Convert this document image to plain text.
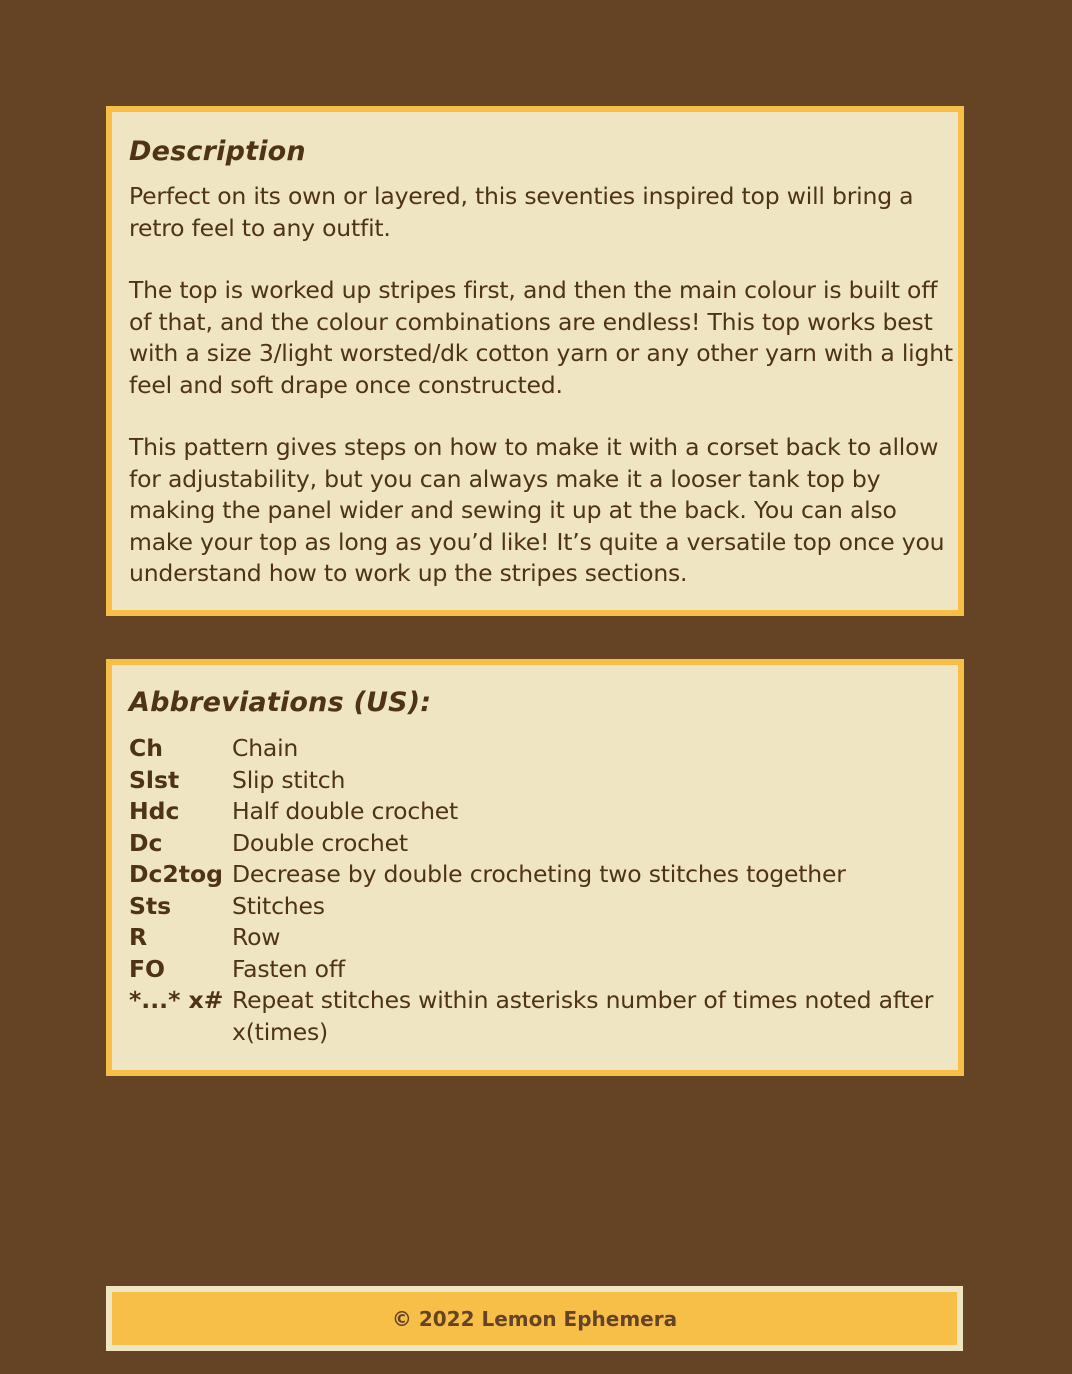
Description

Perfect on its own or layered, this seventies inspired top will bring a retro feel to any outfit.

The top is worked up stripes first, and then the main colour is built off of that, and the colour combinations are endless! This top works best with a size 3/light worsted/dk cotton yarn or any other yarn with a light feel and soft drape once constructed.

This pattern gives steps on how to make it with a corset back to allow for adjustability, but you can always make it a looser tank top by making the panel wider and sewing it up at the back. You can also make your top as long as you’d like! It’s quite a versatile top once you understand how to work up the stripes sections.

Abbreviations (US):
Ch	Chain
Slst Slip stitch
Hdc Half double crochet
Dc	Double crochet
Dc2tog Decrease by double crocheting two stitches together
Sts	Stitches
R	Row
FO	Fasten off
*...* x# Repeat stitches within asterisks number of times noted after x(times)
© 2022 Lemon Ephemera
